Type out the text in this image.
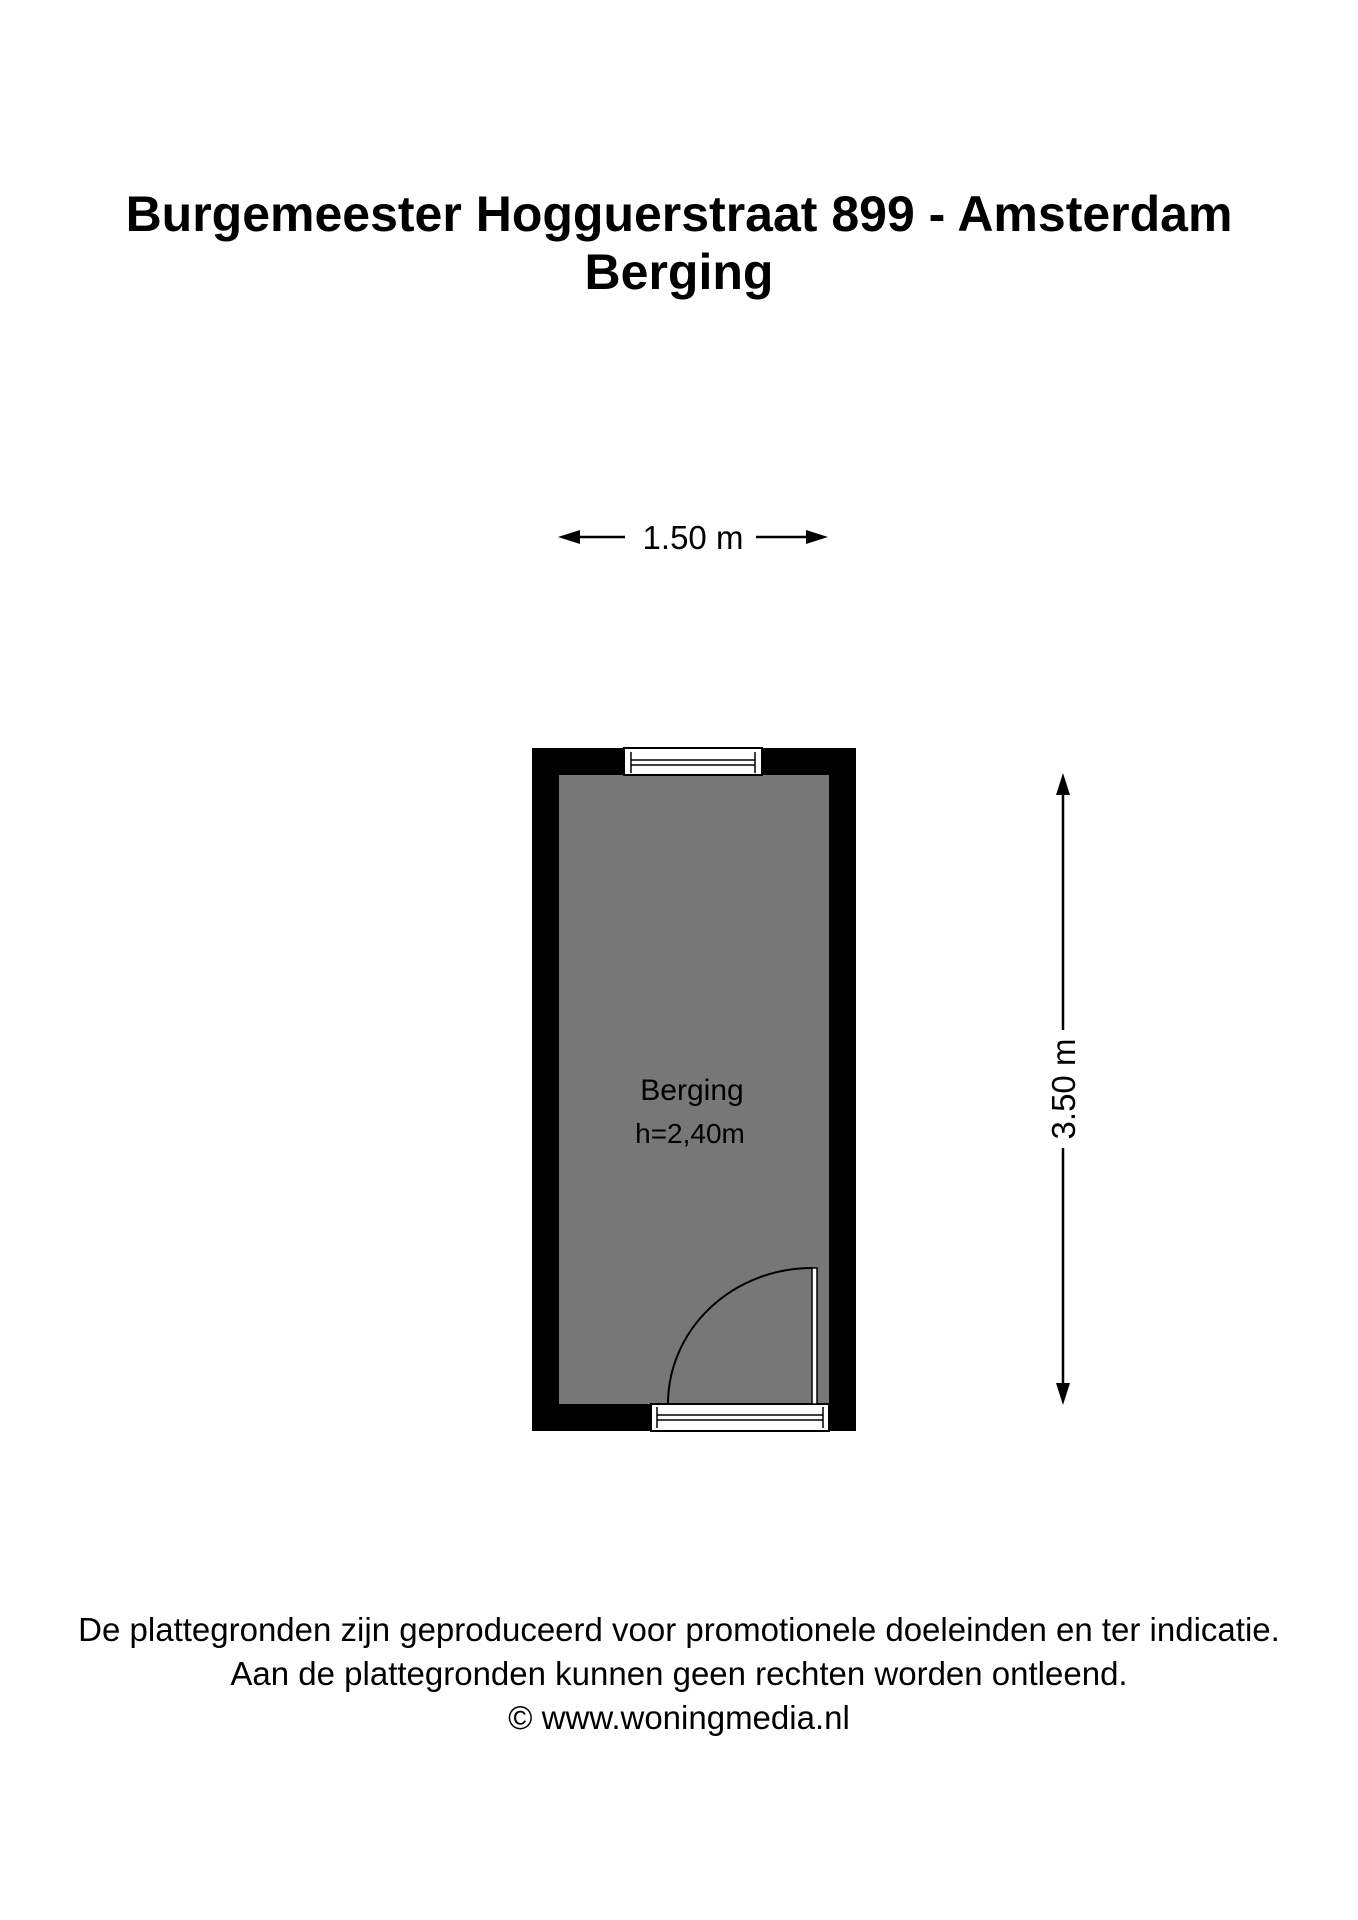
Burgemeester Hogguerstraat 899 - Amsterdam
Berging
1.50 m
Berging
h=2,40m	3.50 m
De plattegronden zijn geproduceerd voor promotionele doeleinden en ter indicatie.
Aan de plattegronden kunnen geen rechten worden ontleend.
© www.woningmedia.nl
